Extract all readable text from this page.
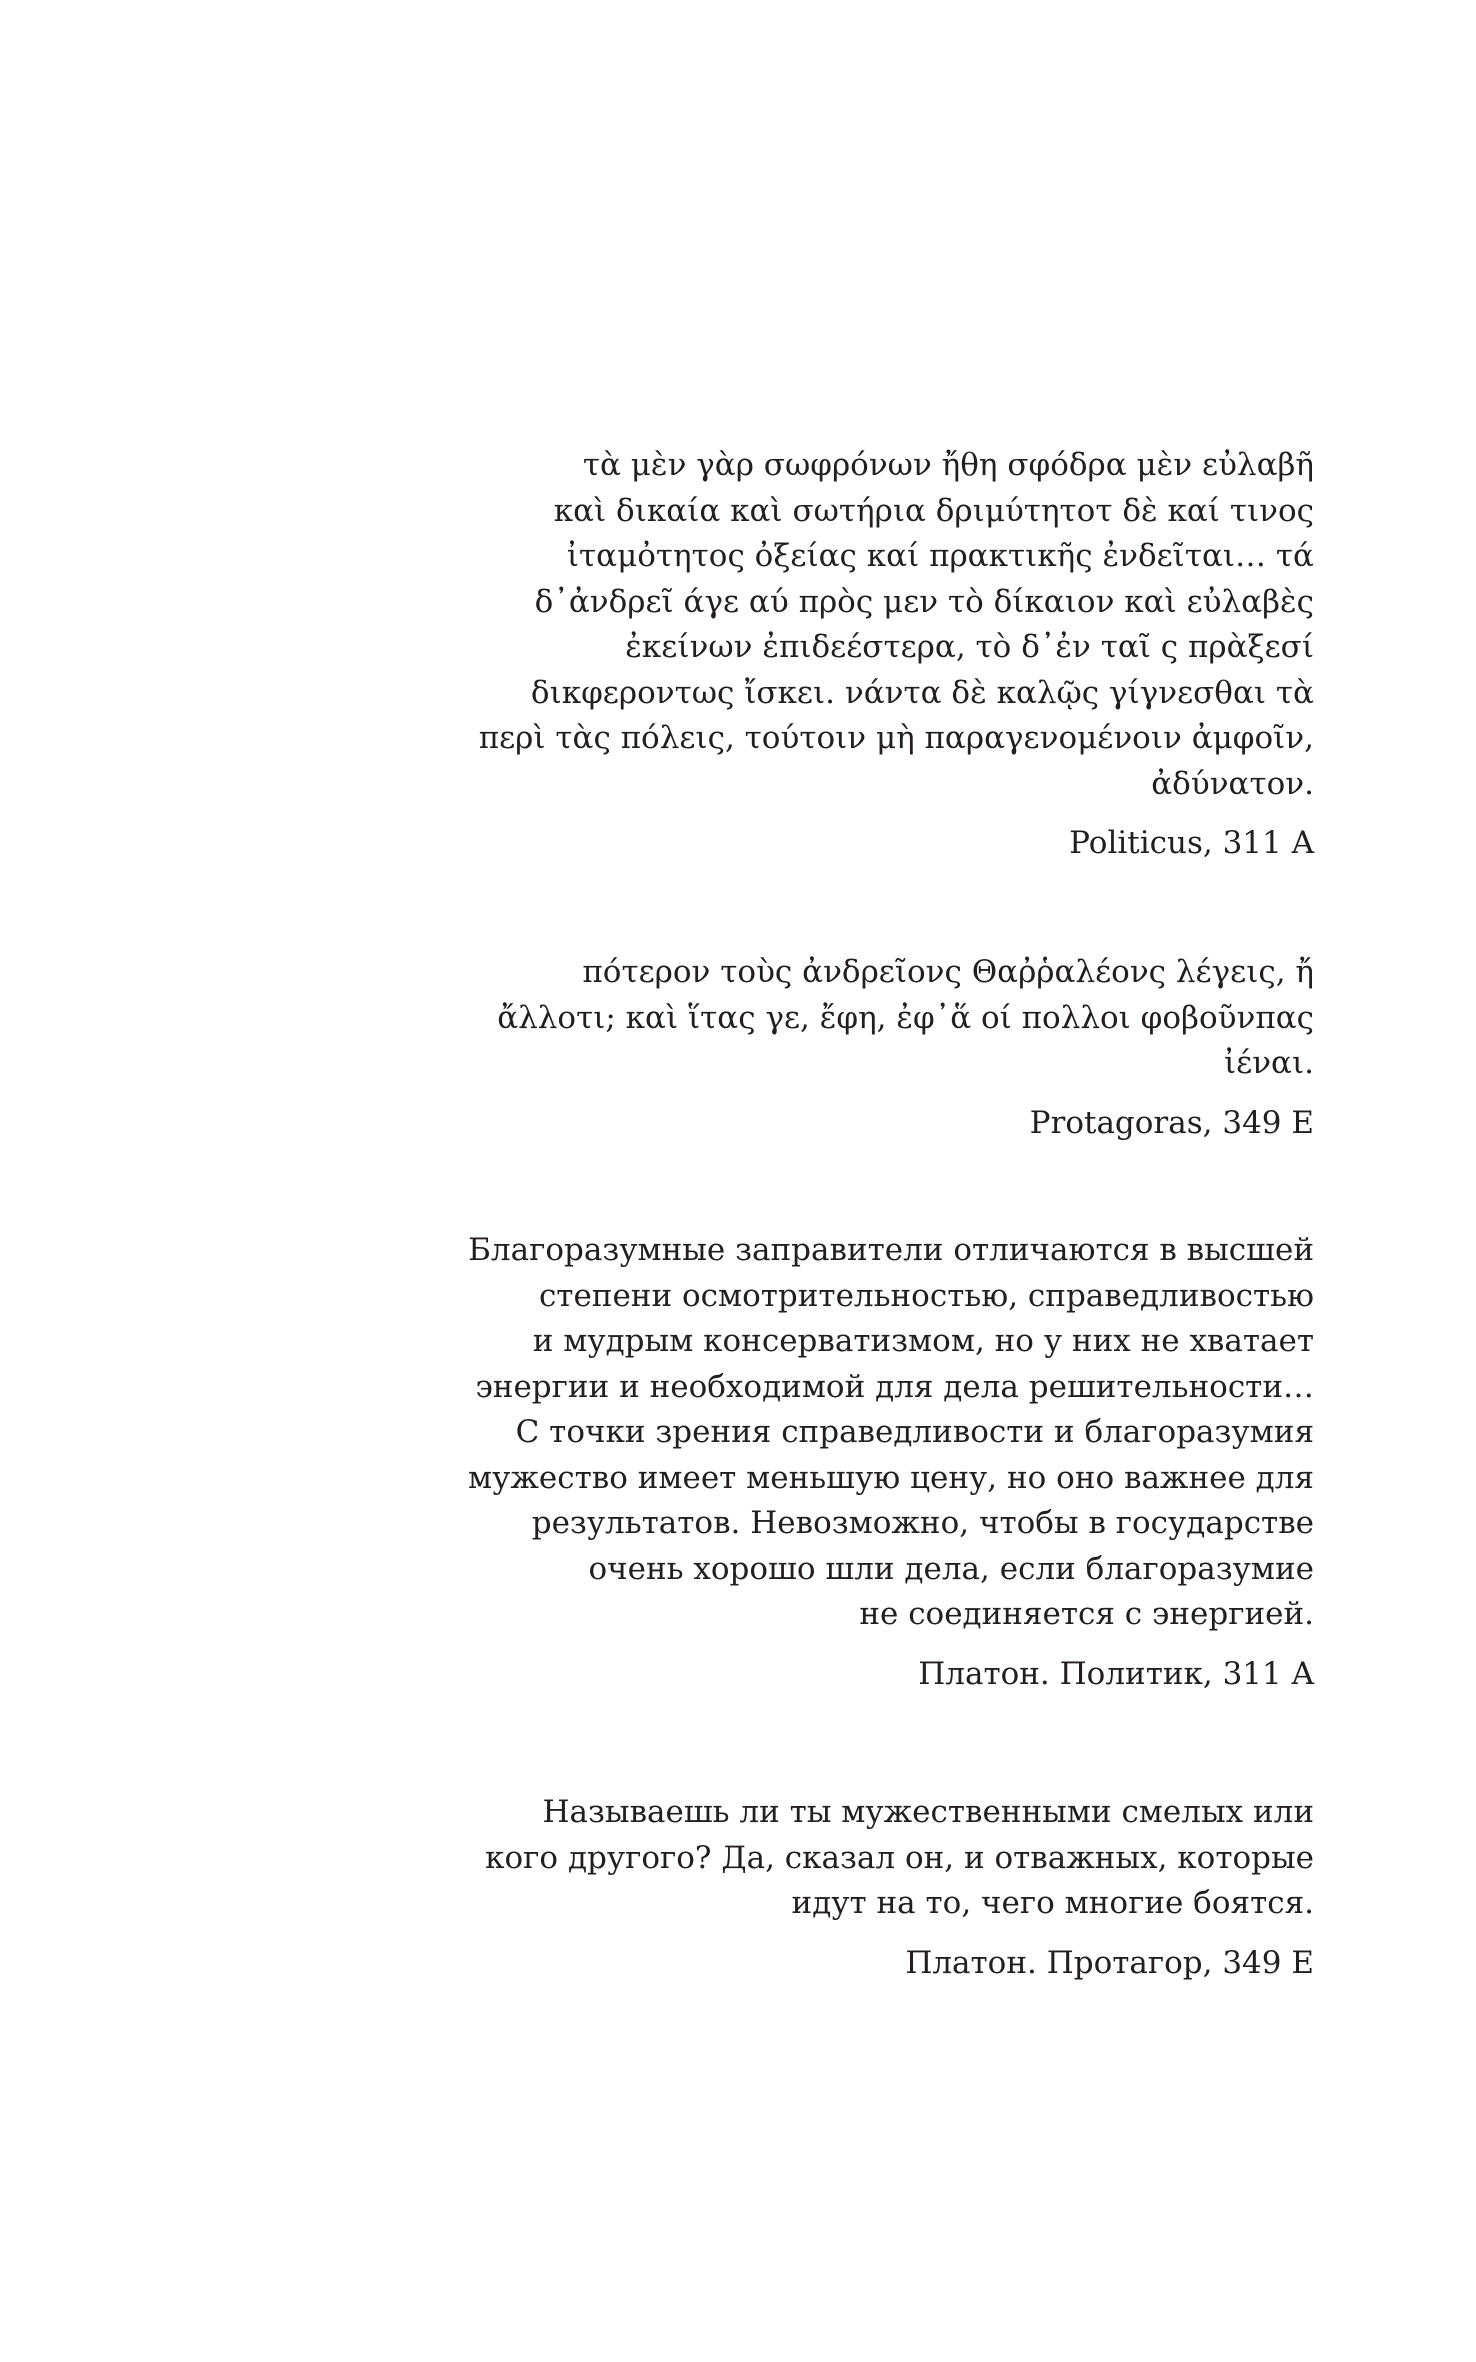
τὰ μὲν γὰρ σωφρόνων ἤθη σφόδρα μὲν εὐλαβῆ
καὶ δικαία καὶ σωτήρια δριμύτητοτ δὲ καί τινος
ἰταμὀτητος ὀξείας καί πρακτικῆς ἐνδεῖται… τά
δ᾽ἀνδρεῖ άγε αύ πρὸς μεν τὸ δίκαιον καὶ εὐλαβὲς
ἐκείνων ἐπιδεέστερα, τὸ δ᾽ἐν ταῖ ς πρὰξεσί
δικφεροντως ἴσκει. νάντα δὲ καλῷς γίγνεσθαι τὰ
περὶ τὰς πόλεις, τούτοιν μὴ παραγενομένοιν ἀμφοῖν,
ἀδύνατον.
Politicus, 311 A
πότερον τοὺς ἀνδρεῖονς Θαῤῥαλέονς λέγεις, ἤ
ἄλλοτι; καὶ ἵτας γε, ἔφη, ἐφ᾽ἅ οί πολλοι φοβοῦνπας
ἰέναι.
Protagoras, 349 E
Благоразумные заправители отличаются в высшей
степени осмотрительностью, справедливостью
и мудрым консерватизмом, но у них не хватает
энергии и необходимой для дела решительности…
С точки зрения справедливости и благоразумия
мужество имеет меньшую цену, но оно важнее для
результатов. Невозможно, чтобы в государстве
очень хорошо шли дела, если благоразумие
не соединяется с энергией.
Платон. Политик, 311 A
Называешь ли ты мужественными смелых или
кого другого? Да, сказал он, и отважных, которые
идут на то, чего многие боятся.
Платон. Протагор, 349 E
